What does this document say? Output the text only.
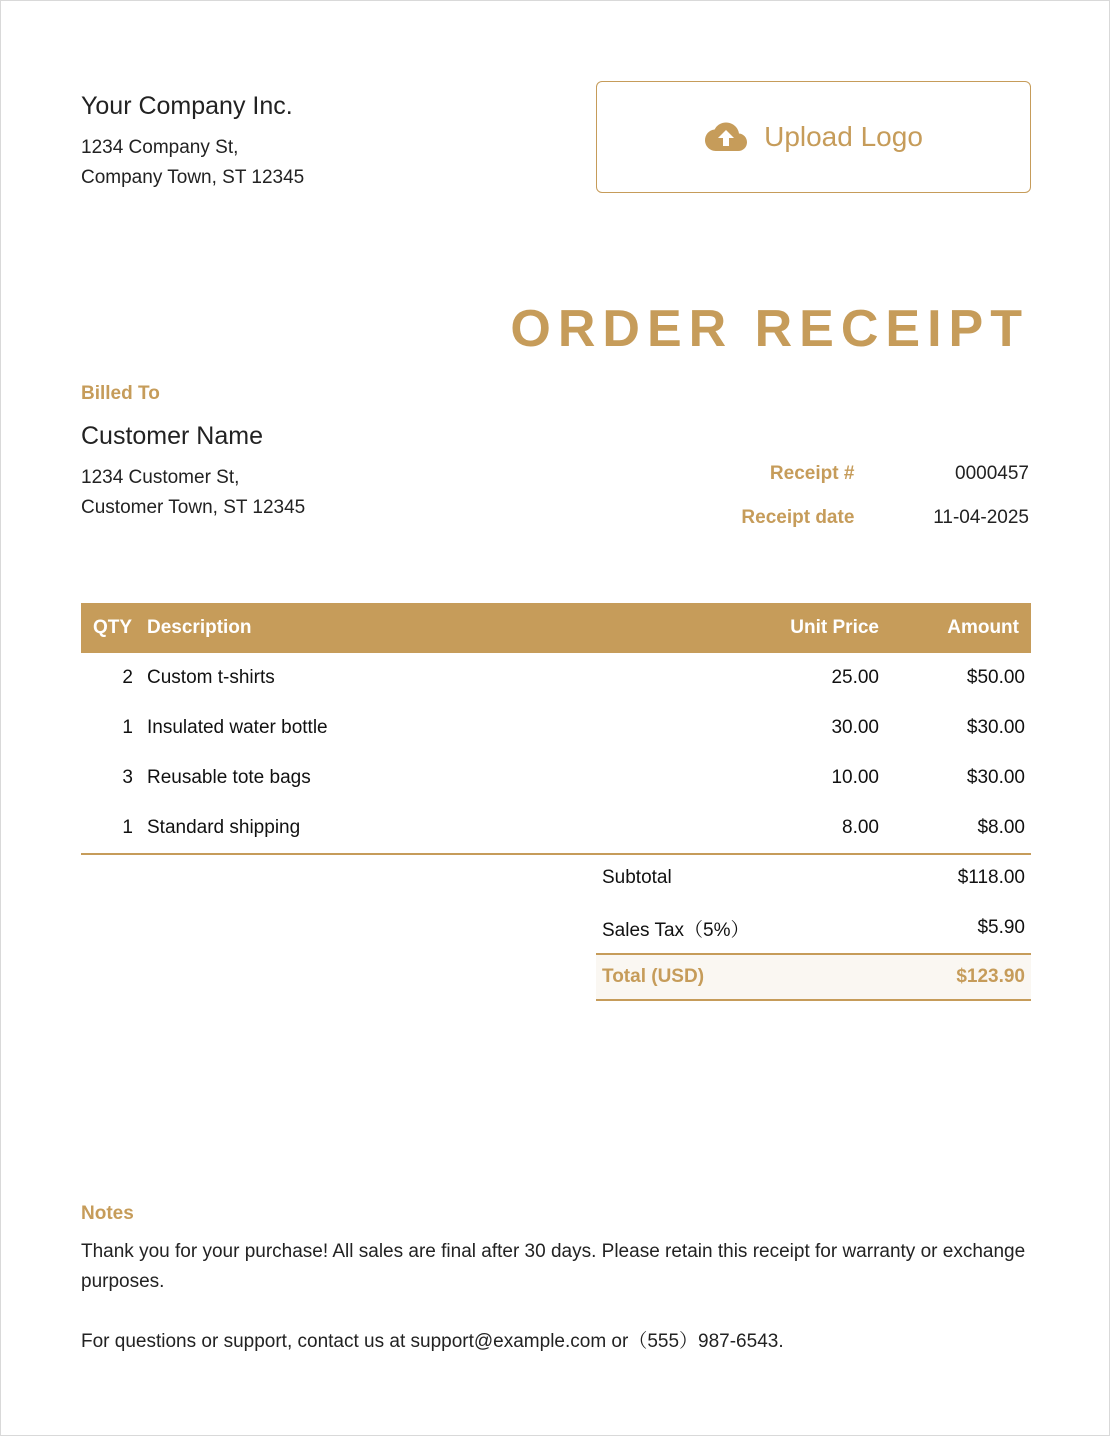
Your Company Inc.
1234 Company St,
Company Town, ST 12345
Upload Logo
ORDER RECEIPT
Billed To
Customer Name
1234 Customer St,
Customer Town, ST 12345
Receipt #	0000457
Receipt date	11-04-2025
QTY Description	Unit Price	Amount
2 Custom t-shirts	25.00	$50.00
1 Insulated water bottle	30.00	$30.00
3 Reusable tote bags	10.00	$30.00
1 Standard shipping	8.00	$8.00
Subtotal	$118.00
Sales Tax（5%）	$5.90
Total (USD)	$123.90
Notes

Thank you for your purchase! All sales are final after 30 days. Please retain this receipt for warranty or exchange purposes.

For questions or support, contact us at support@example.com or（555）987-6543.
